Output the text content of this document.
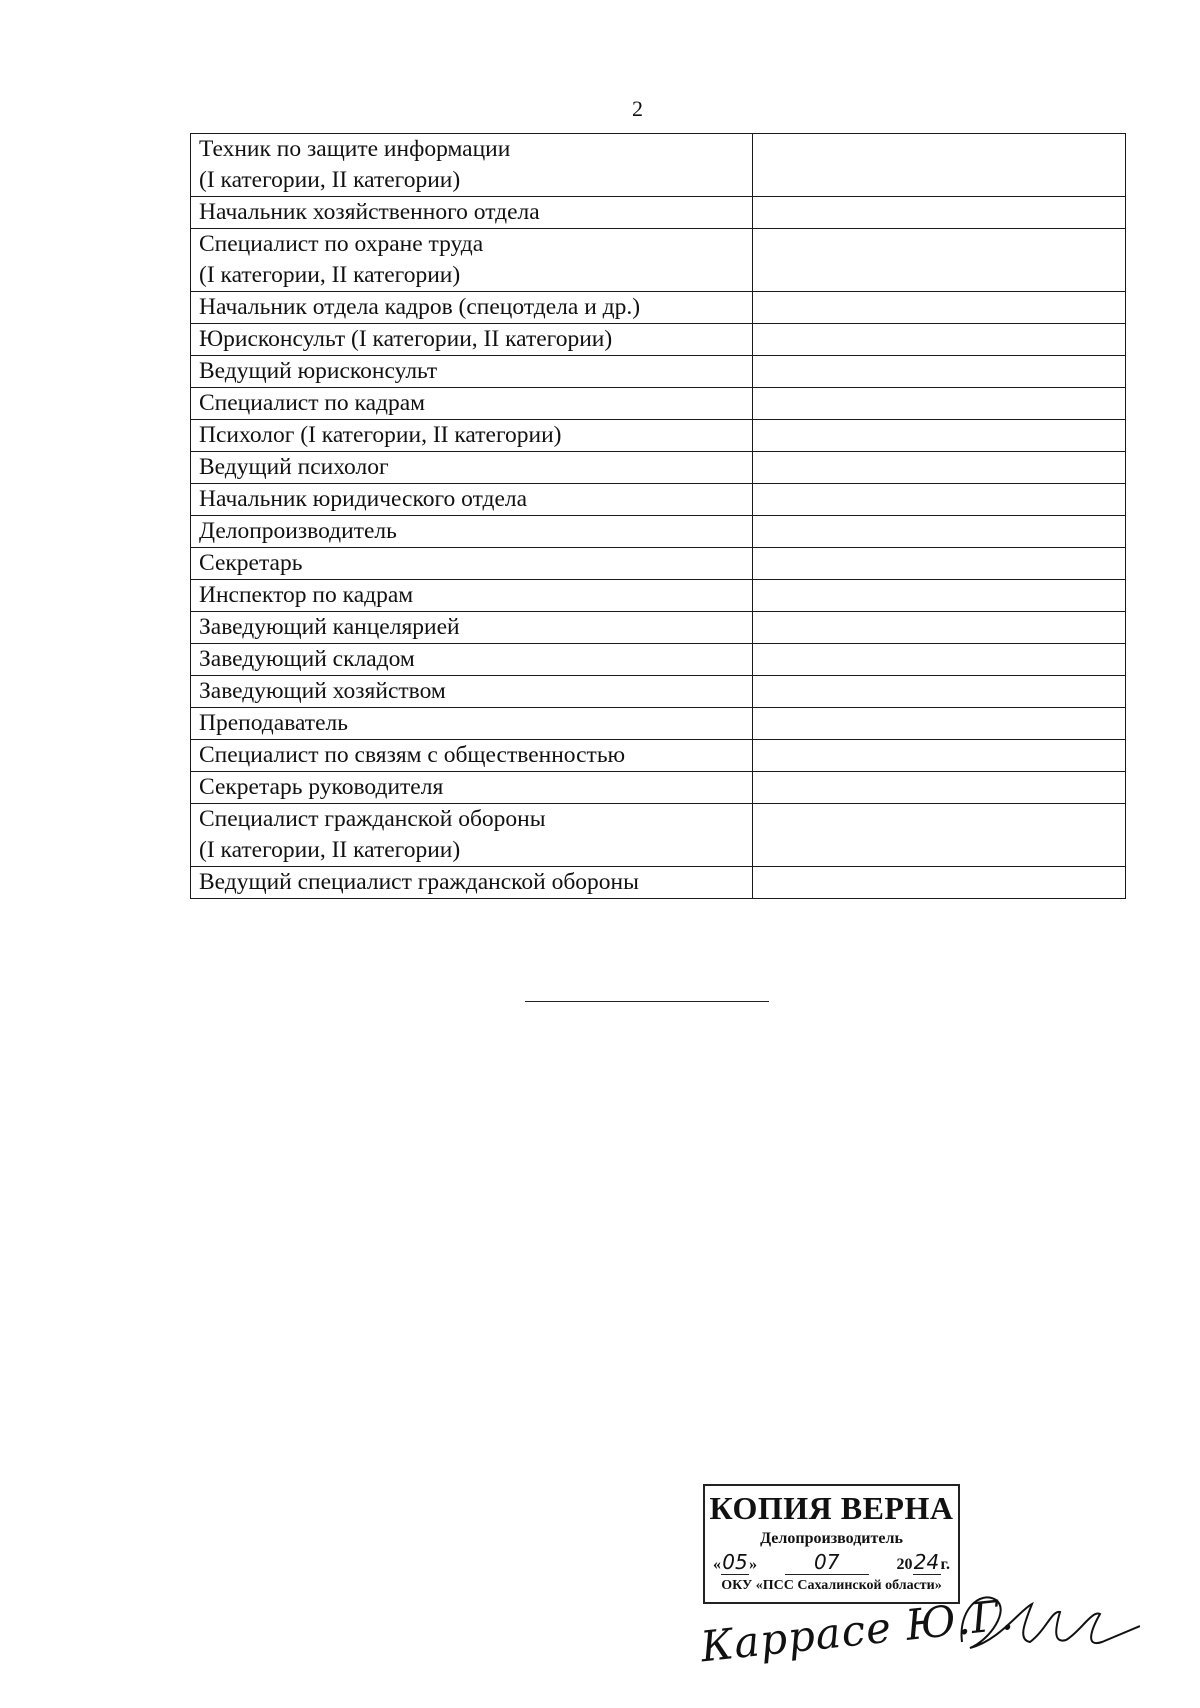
2
Техник по защите информации
(I категории, II категории)	
Начальник хозяйственного отдела	
Специалист по охране труда
(I категории, II категории)	
Начальник отдела кадров (спецотдела и др.)	
Юрисконсульт (I категории, II категории)	
Ведущий юрисконсульт	
Специалист по кадрам	
Психолог (I категории, II категории)	
Ведущий психолог	
Начальник юридического отдела	
Делопроизводитель	
Секретарь	
Инспектор по кадрам	
Заведующий канцелярией	
Заведующий складом	
Заведующий хозяйством	
Преподаватель	
Специалист по связям с общественностью	
Секретарь руководителя	
Специалист гражданской обороны
(I категории, II категории)	
Ведущий специалист гражданской обороны	
КОПИЯ ВЕРНА
Делопроизводитель
«05»	07	2024г.
ОКУ «ПСС Сахалинской области»
Каррасе Ю.Г.
